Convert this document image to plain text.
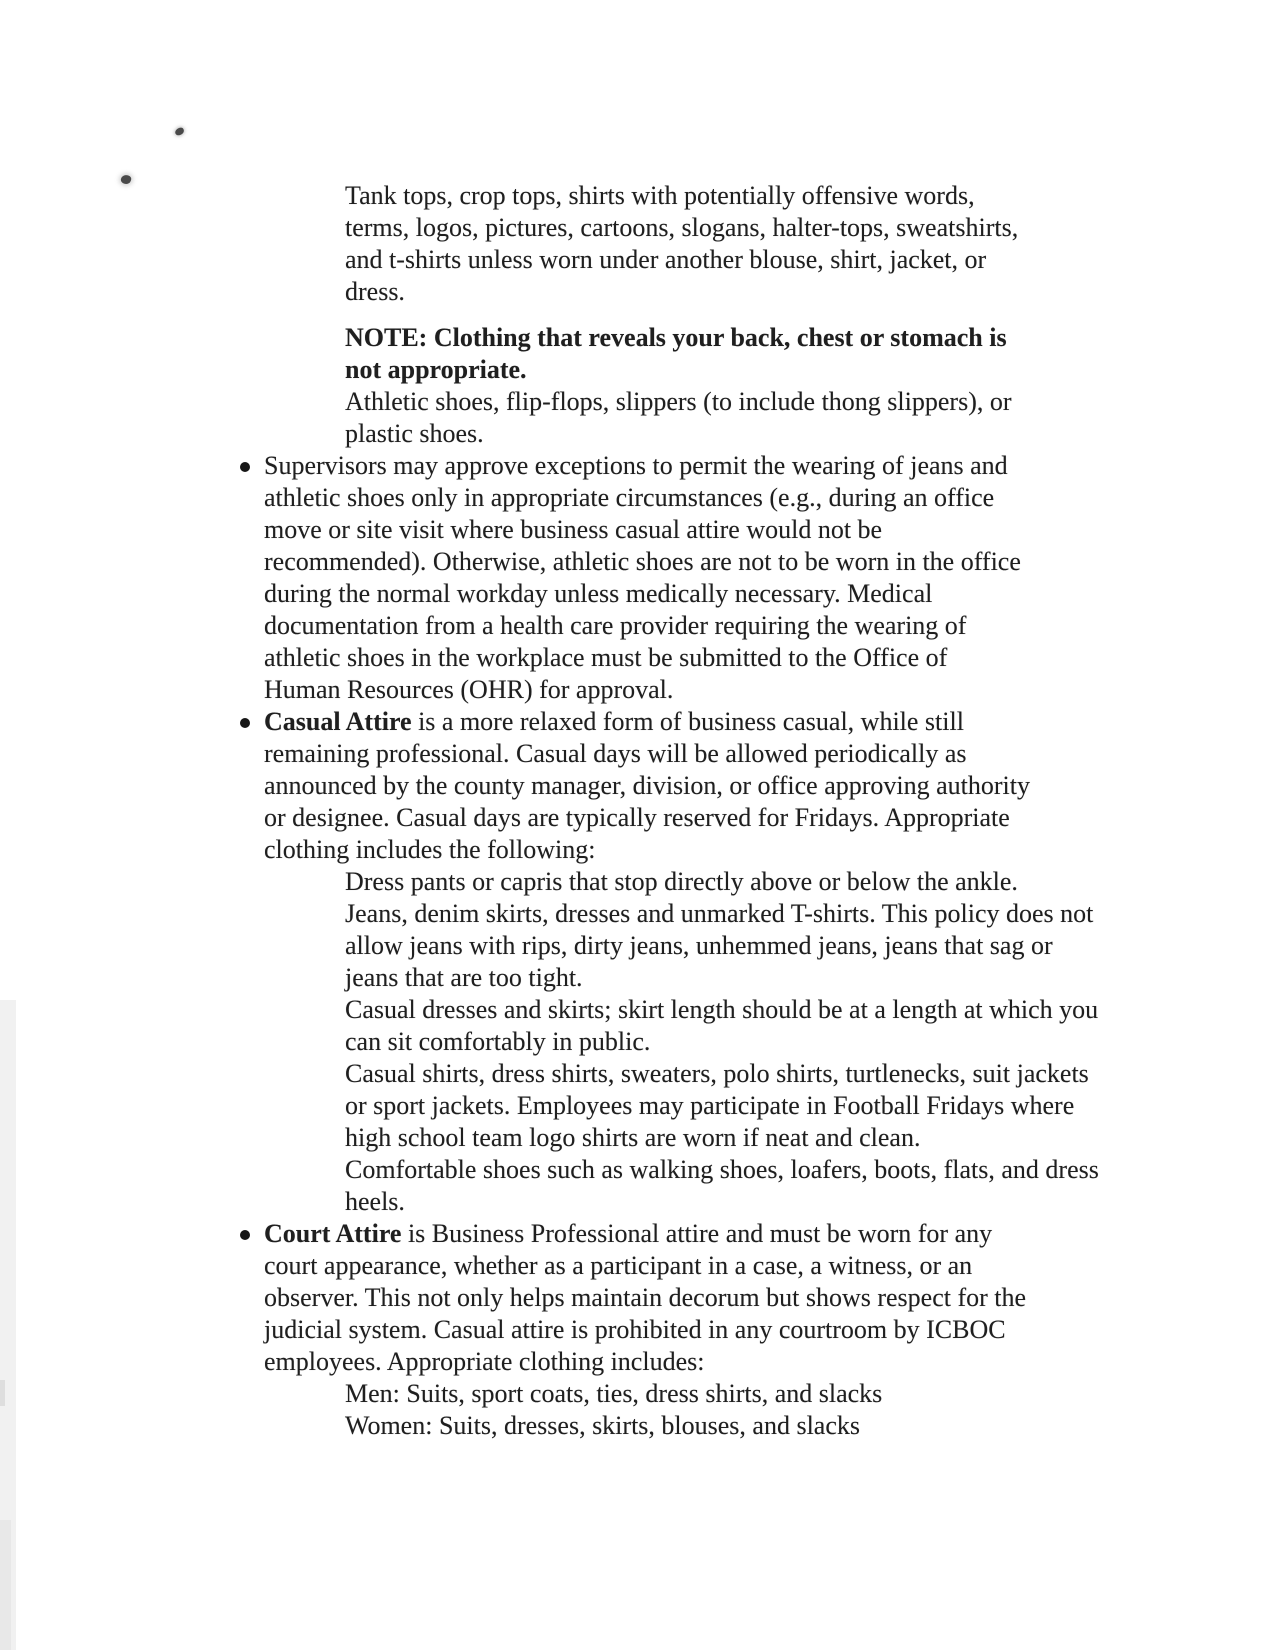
Tank tops, crop tops, shirts with potentially offensive words, terms, logos, pictures, cartoons, slogans, halter-tops, sweatshirts, and t-shirts unless worn under another blouse, shirt, jacket, or dress.

NOTE: Clothing that reveals your back, chest or stomach is not appropriate.

Athletic shoes, flip-flops, slippers (to include thong slippers), or plastic shoes.

Supervisors may approve exceptions to permit the wearing of jeans and athletic shoes only in appropriate circumstances (e.g., during an office move or site visit where business casual attire would not be recommended). Otherwise, athletic shoes are not to be worn in the office during the normal workday unless medically necessary. Medical documentation from a health care provider requiring the wearing of athletic shoes in the workplace must be submitted to the Office of Human Resources (OHR) for approval.

Casual Attire is a more relaxed form of business casual, while still remaining professional. Casual days will be allowed periodically as announced by the county manager, division, or office approving authority or designee. Casual days are typically reserved for Fridays. Appropriate clothing includes the following:

Dress pants or capris that stop directly above or below the ankle.

Jeans, denim skirts, dresses and unmarked T-shirts. This policy does not allow jeans with rips, dirty jeans, unhemmed jeans, jeans that sag or jeans that are too tight.

Casual dresses and skirts; skirt length should be at a length at which you can sit comfortably in public.

Casual shirts, dress shirts, sweaters, polo shirts, turtlenecks, suit jackets or sport jackets. Employees may participate in Football Fridays where high school team logo shirts are worn if neat and clean.

Comfortable shoes such as walking shoes, loafers, boots, flats, and dress heels.

Court Attire is Business Professional attire and must be worn for any court appearance, whether as a participant in a case, a witness, or an observer. This not only helps maintain decorum but shows respect for the judicial system. Casual attire is prohibited in any courtroom by ICBOC employees. Appropriate clothing includes:

Men: Suits, sport coats, ties, dress shirts, and slacks

Women: Suits, dresses, skirts, blouses, and slacks
